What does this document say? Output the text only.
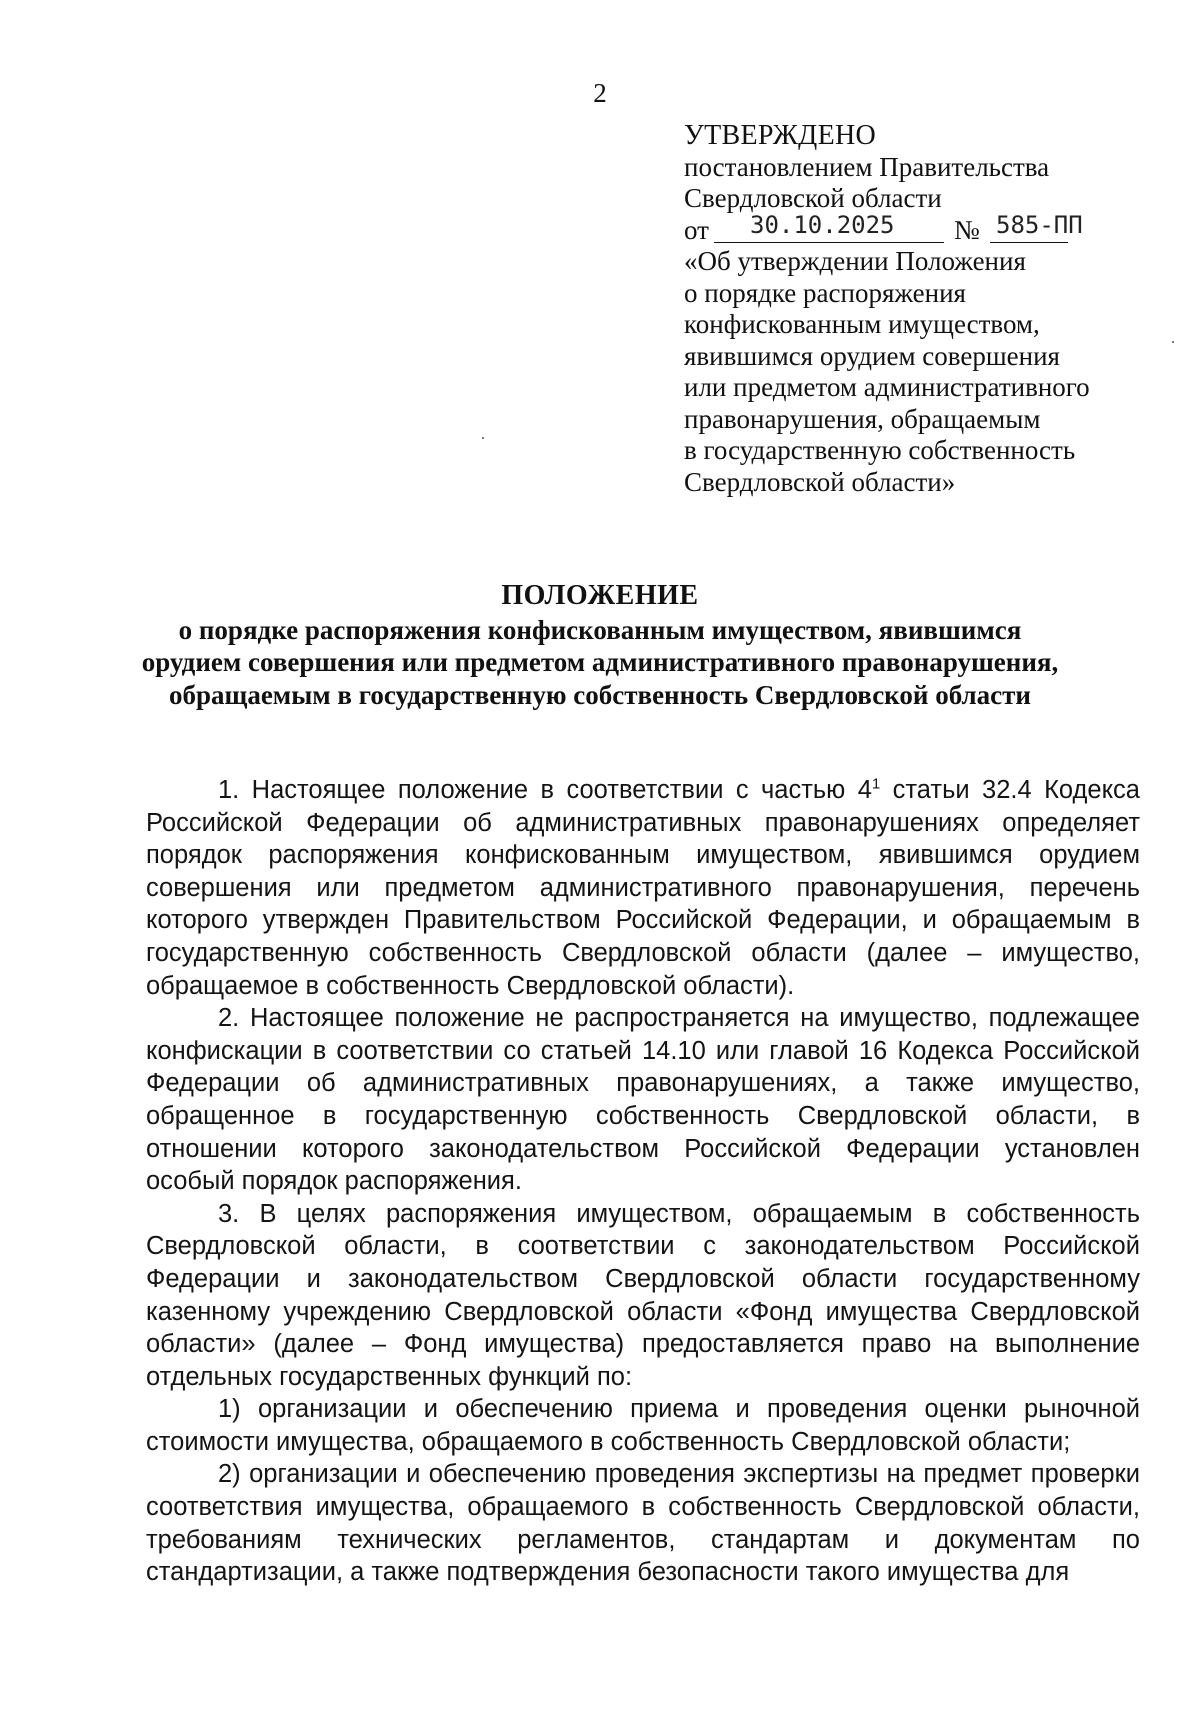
2
УТВЕРЖДЕНО
постановлением Правительства
Свердловской области
от	30.10.2025	№ 585-ПП
«Об утверждении Положения
о порядке распоряжения
конфискованным имуществом,
явившимся орудием совершения
или предметом административного
правонарушения, обращаемым
в государственную собственность
Свердловской области»
ПОЛОЖЕНИЕ
о порядке распоряжения конфискованным имуществом, явившимся
орудием совершения или предметом административного правонарушения,
обращаемым в государственную собственность Свердловской области

1. Настоящее положение в соответствии с частью $4^1$ статьи 32.4 Кодекса Российской Федерации об административных правонарушениях определяет порядок распоряжения конфискованным имуществом, явившимся орудием совершения или предметом административного правонарушения, перечень которого утвержден Правительством Российской Федерации, и обращаемым в государственную собственность Свердловской области (далее – имущество, обращаемое в собственность Свердловской области).

2. Настоящее положение не распространяется на имущество, подлежащее конфискации в соответствии со статьей 14.10 или главой 16 Кодекса Российской Федерации об административных правонарушениях, а также имущество, обращенное в государственную собственность Свердловской области, в отношении которого законодательством Российской Федерации установлен особый порядок распоряжения.

3. В целях распоряжения имуществом, обращаемым в собственность Свердловской области, в соответствии с законодательством Российской Федерации и законодательством Свердловской области государственному казенному учреждению Свердловской области «Фонд имущества Свердловской области» (далее – Фонд имущества) предоставляется право на выполнение отдельных государственных функций по:

1) организации и обеспечению приема и проведения оценки рыночной стоимости имущества, обращаемого в собственность Свердловской области;

2) организации и обеспечению проведения экспертизы на предмет проверки соответствия имущества, обращаемого в собственность Свердловской области, требованиям технических регламентов, стандартам и документам по стандартизации, а также подтверждения безопасности такого имущества для
